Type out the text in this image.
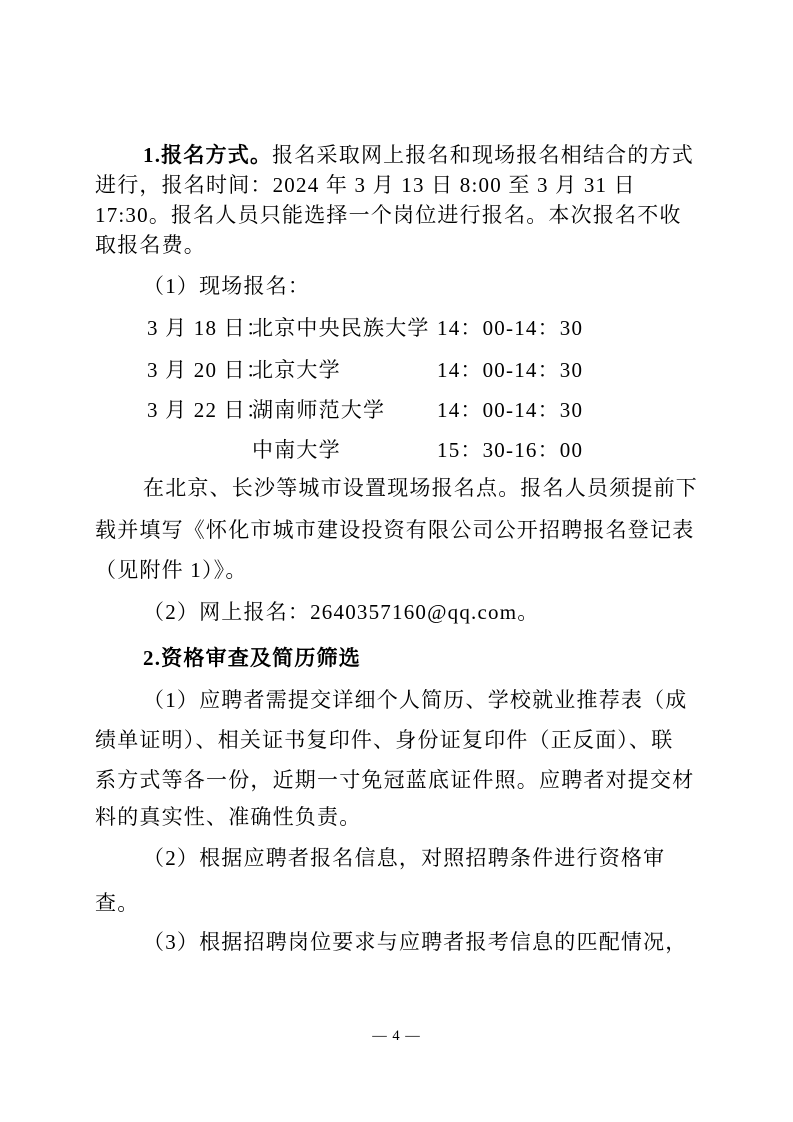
1.报名方式。报名采取网上报名和现场报名相结合的方式
进行，报名时间：2024 年 3 月 13 日 8:00 至 3 月 31 日
17:30。报名人员只能选择一个岗位进行报名。本次报名不收
取报名费。
（1）现场报名：
3 月 18 日：北京中央民族大学 14：00-14：30
3 月 20 日：北京大学	14：00-14：30
3 月 22 日：湖南师范大学 14：00-14：30
中南大学	15：30-16：00
在北京、长沙等城市设置现场报名点。报名人员须提前下
载并填写《怀化市城市建设投资有限公司公开招聘报名登记表
（见附件 1）》。
（2）网上报名：2640357160@qq.com。
2.资格审查及简历筛选
（1）应聘者需提交详细个人简历、学校就业推荐表（成
绩单证明）、相关证书复印件、身份证复印件（正反面）、联
系方式等各一份，近期一寸免冠蓝底证件照。应聘者对提交材
料的真实性、准确性负责。
（2）根据应聘者报名信息，对照招聘条件进行资格审
查。
（3）根据招聘岗位要求与应聘者报考信息的匹配情况，
— 4 —
